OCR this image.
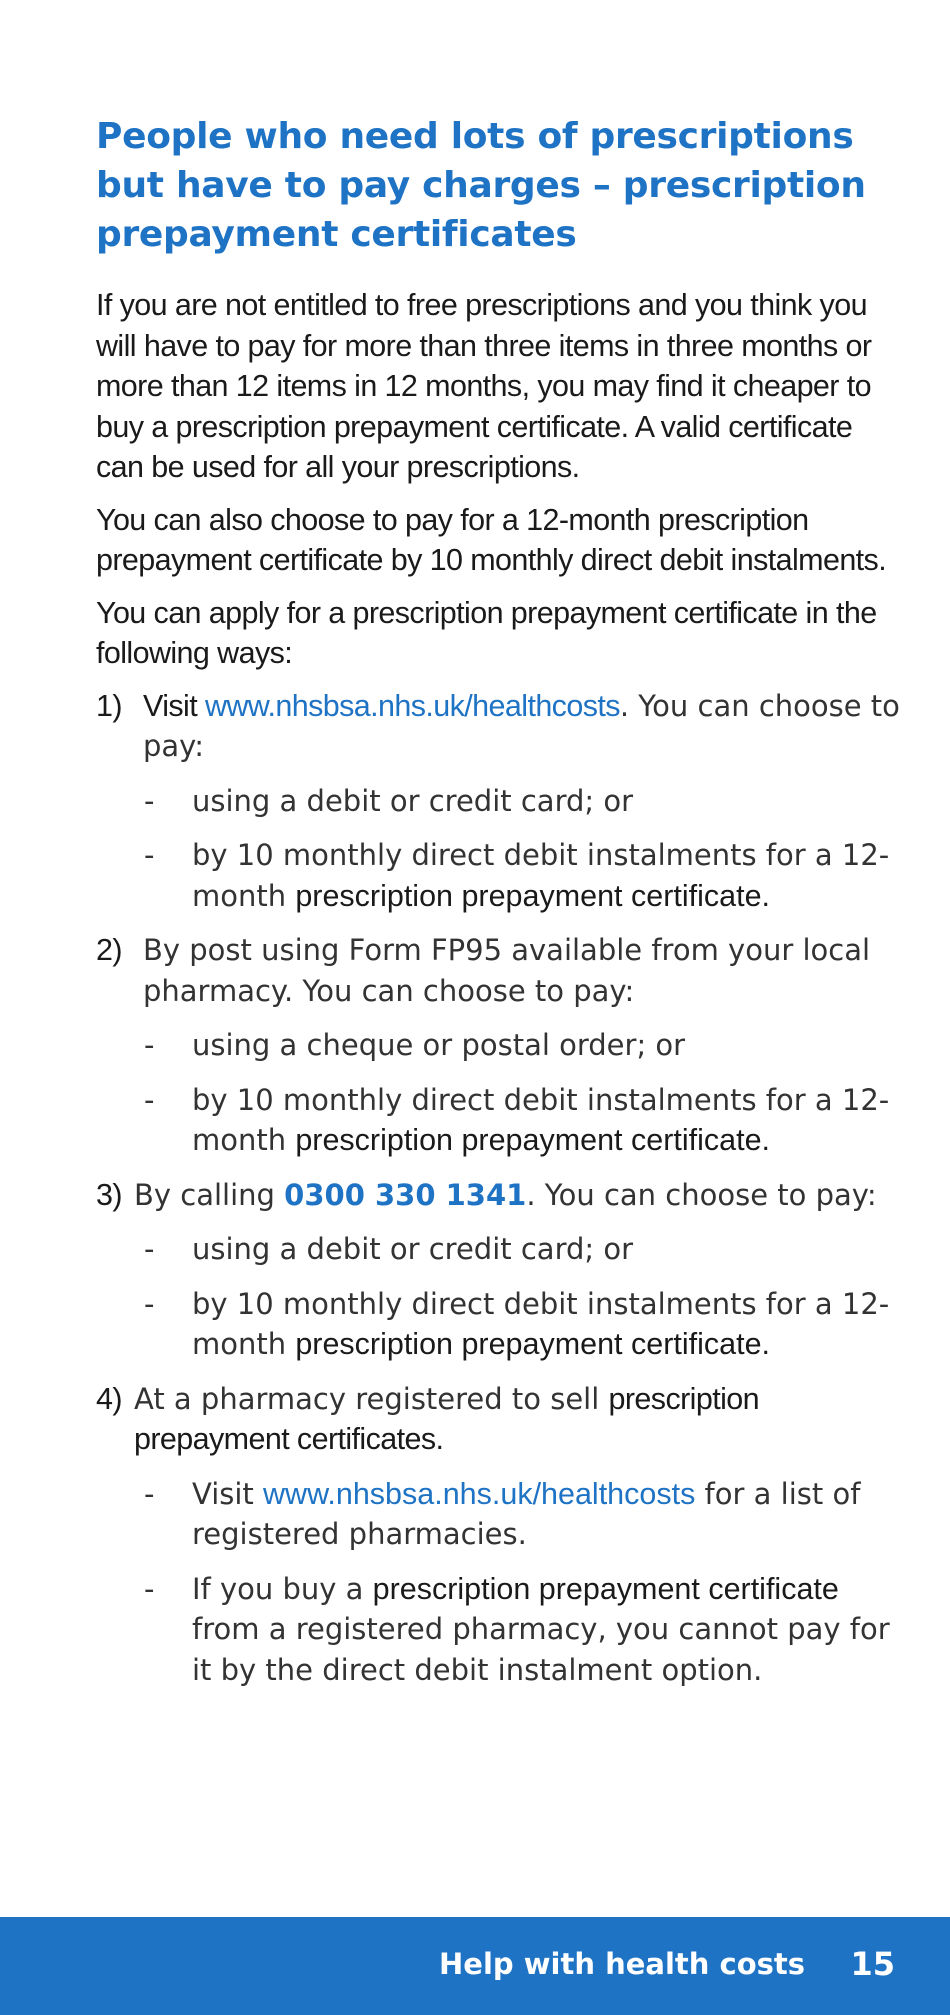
People who need lots of prescriptions but have to pay charges – prescription prepayment certificates

If you are not entitled to free prescriptions and you think you will have to pay for more than three items in three months or more than 12 items in 12 months, you may find it cheaper to buy a prescription prepayment certificate. A valid certificate can be used for all your prescriptions.

You can also choose to pay for a 12-month prescription prepayment certificate by 10 monthly direct debit instalments.

You can apply for a prescription prepayment certificate in the following ways:

1) Visit www.nhsbsa.nhs.uk/healthcosts. You can choose to pay:
- using a debit or credit card; or
- by 10 monthly direct debit instalments for a 12-month prescription prepayment certificate.
2) By post using Form FP95 available from your local pharmacy. You can choose to pay:
- using a cheque or postal order; or
- by 10 monthly direct debit instalments for a 12-month prescription prepayment certificate.
3) By calling 0300 330 1341. You can choose to pay:
- using a debit or credit card; or
- by 10 monthly direct debit instalments for a 12-month prescription prepayment certificate.
4) At a pharmacy registered to sell prescription prepayment certificates.
- Visit www.nhsbsa.nhs.uk/healthcosts for a list of registered pharmacies.
- If you buy a prescription prepayment certificate from a registered pharmacy, you cannot pay for it by the direct debit instalment option.
Help with health costs 15
